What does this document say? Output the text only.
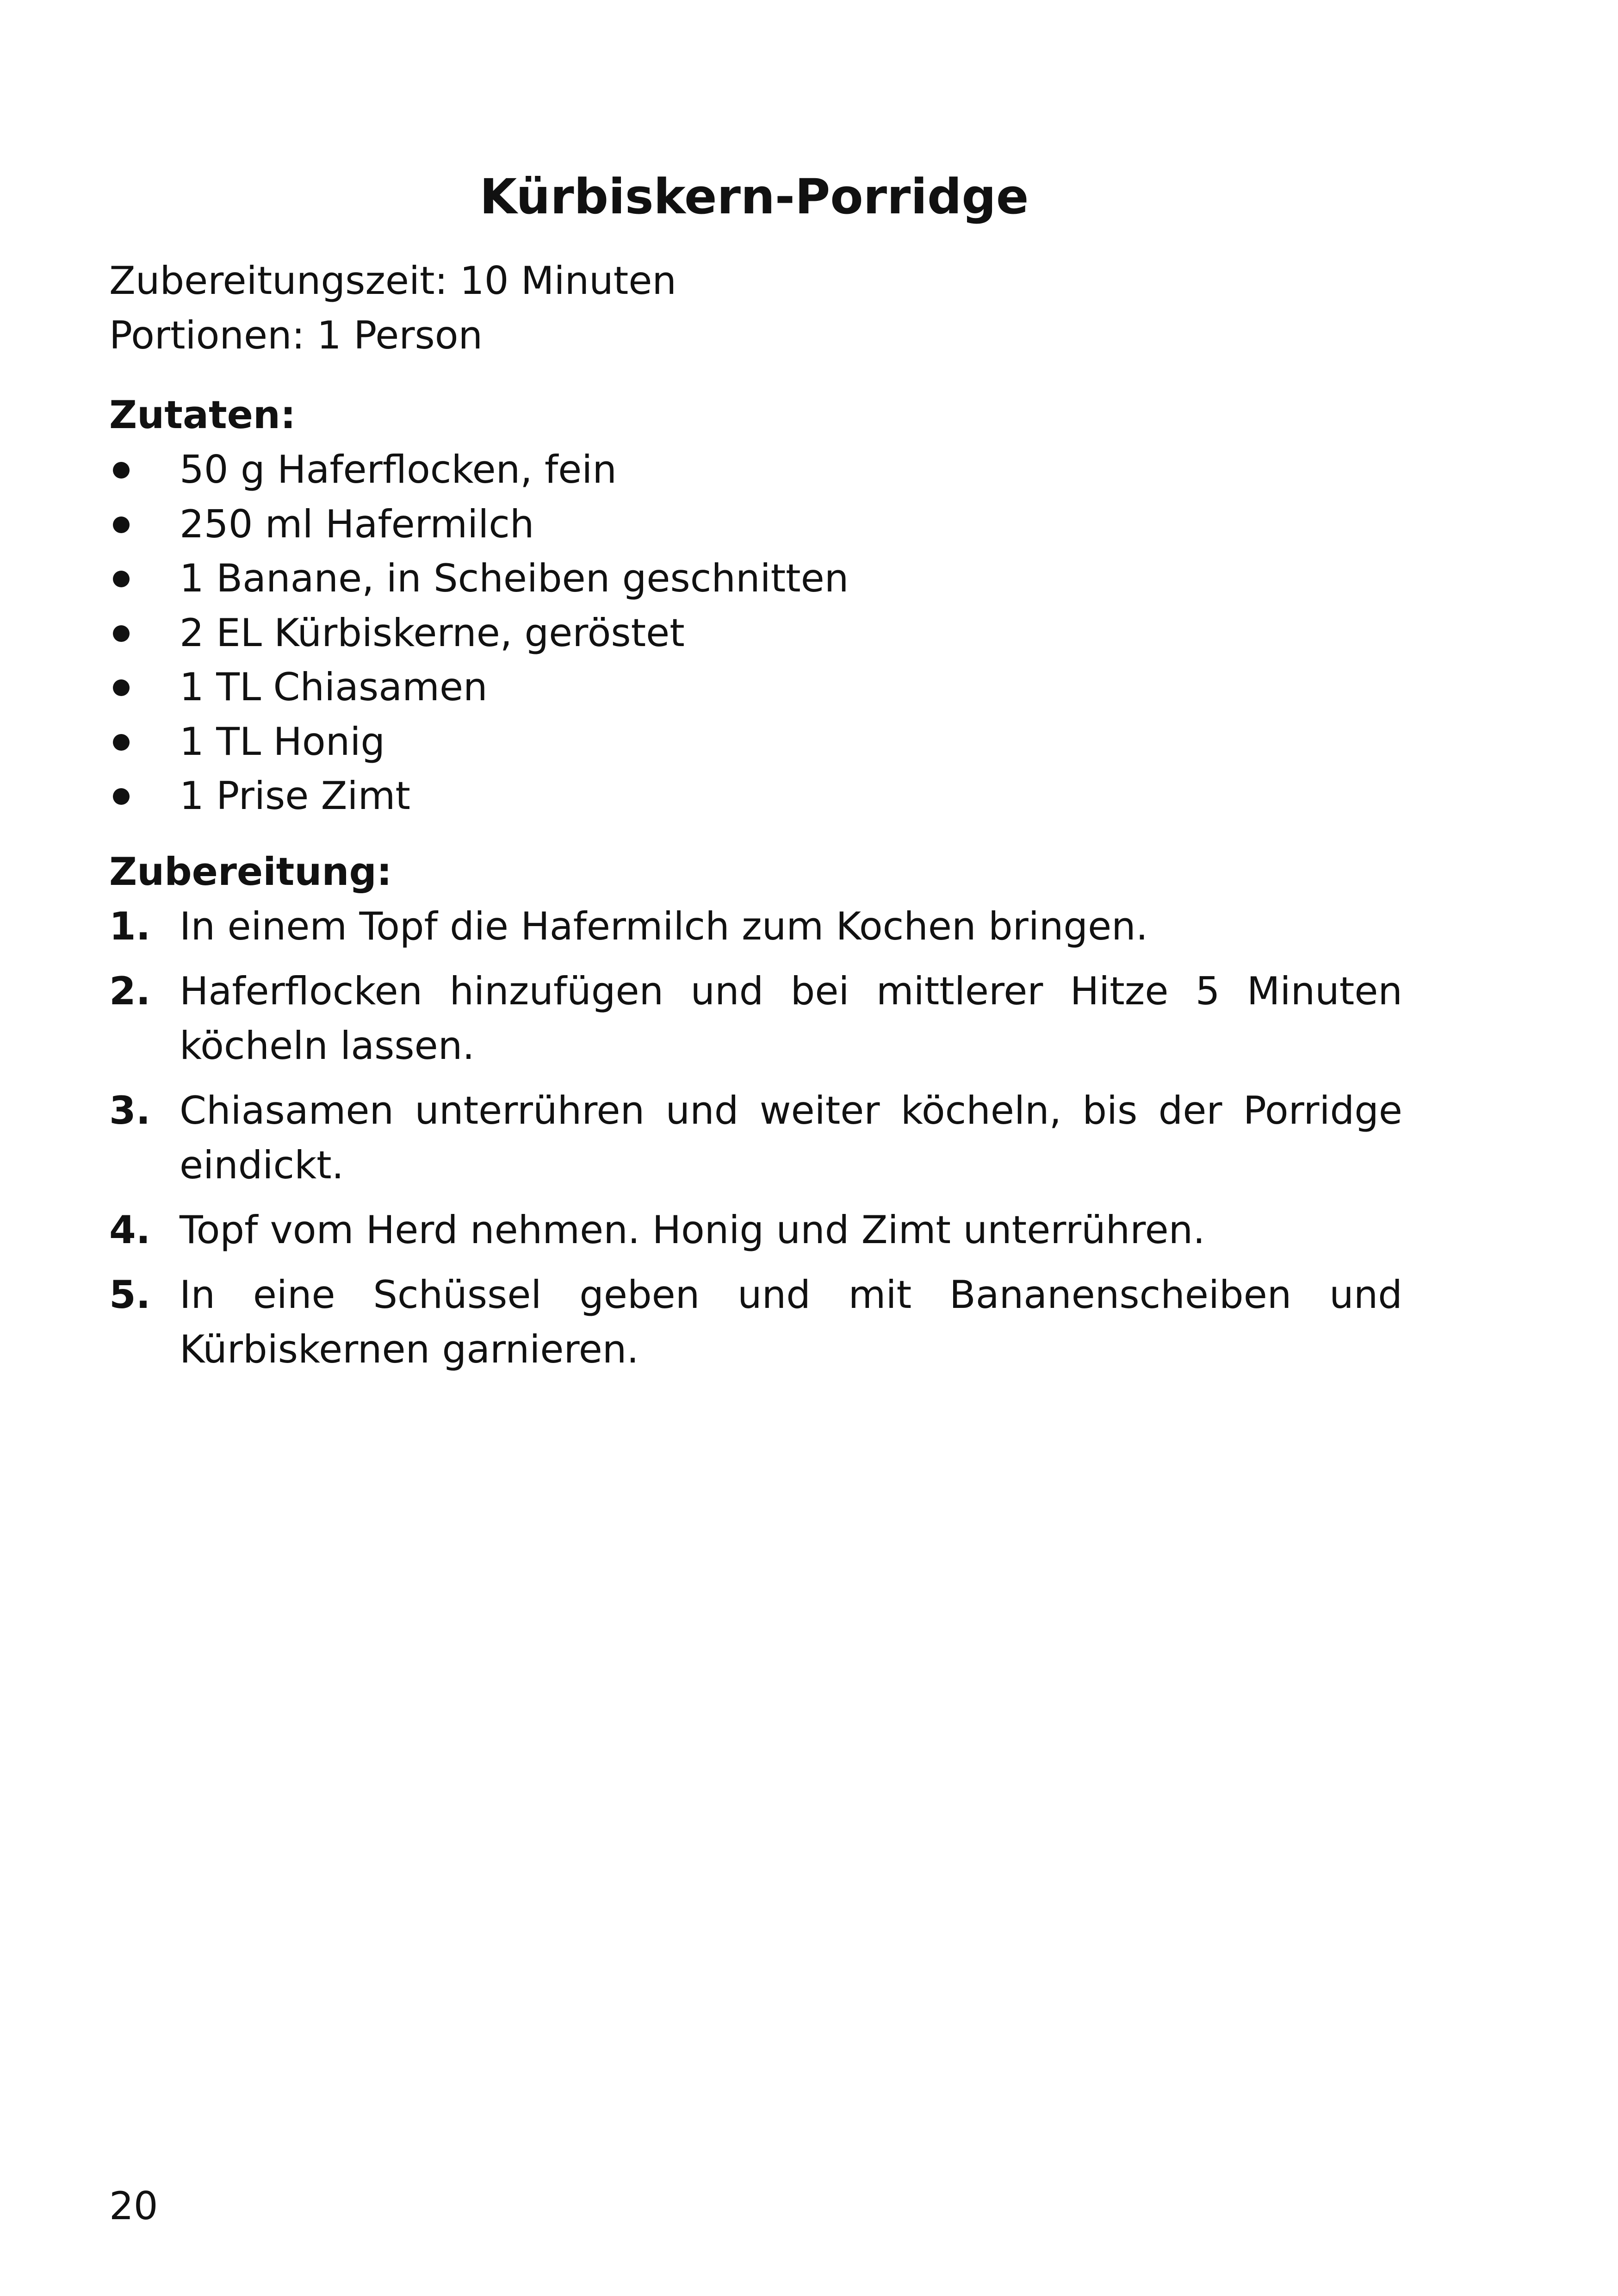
Kürbiskern-Porridge
Zubereitungszeit: 10 Minuten
Portionen: 1 Person
Zutaten:
50 g Haferflocken, fein
250 ml Hafermilch
1 Banane, in Scheiben geschnitten
2 EL Kürbiskerne, geröstet
1 TL Chiasamen
1 TL Honig
1 Prise Zimt
Zubereitung:
1. In einem Topf die Hafermilch zum Kochen bringen.
2. Haferflocken hinzufügen und bei mittlerer Hitze 5 Minuten köcheln lassen.
3. Chiasamen unterrühren und weiter köcheln, bis der Porridge eindickt.
4. Topf vom Herd nehmen. Honig und Zimt unterrühren.
5. In eine Schüssel geben und mit Bananenscheiben und Kürbiskernen garnieren.
20
